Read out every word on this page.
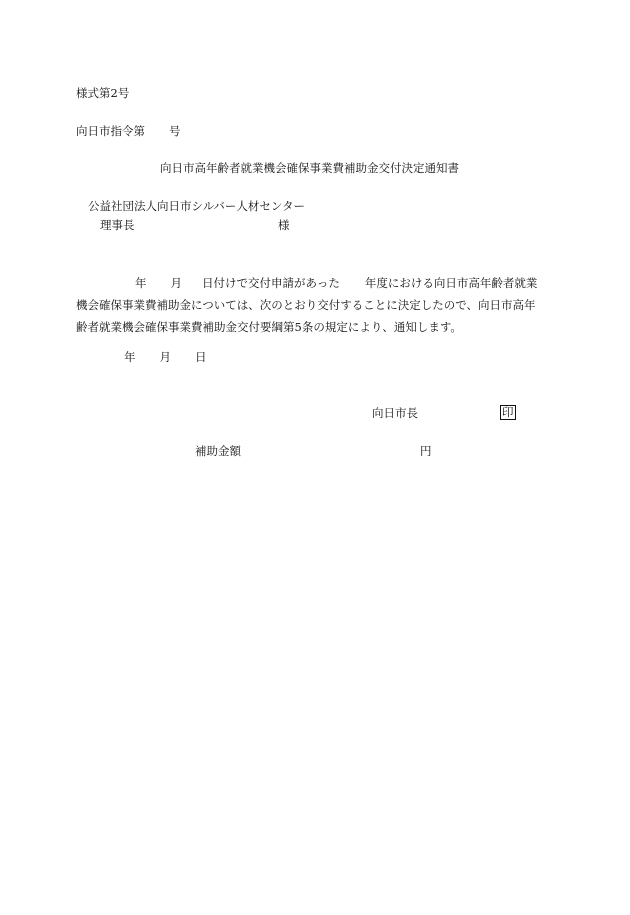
様式第2号
向日市指令第 号
向日市高年齢者就業機会確保事業費補助金交付決定通知書
公益社団法人向日市シルバー人材センター
理事長	様
年 月 日付けで交付申請があった 年度における向日市高年齢者就業
機会確保事業費補助金については、次のとおり交付することに決定したので、向日市高年
齢者就業機会確保事業費補助金交付要綱第5条の規定により、通知します。
年 月 日
向日市長	印
補助金額	円
